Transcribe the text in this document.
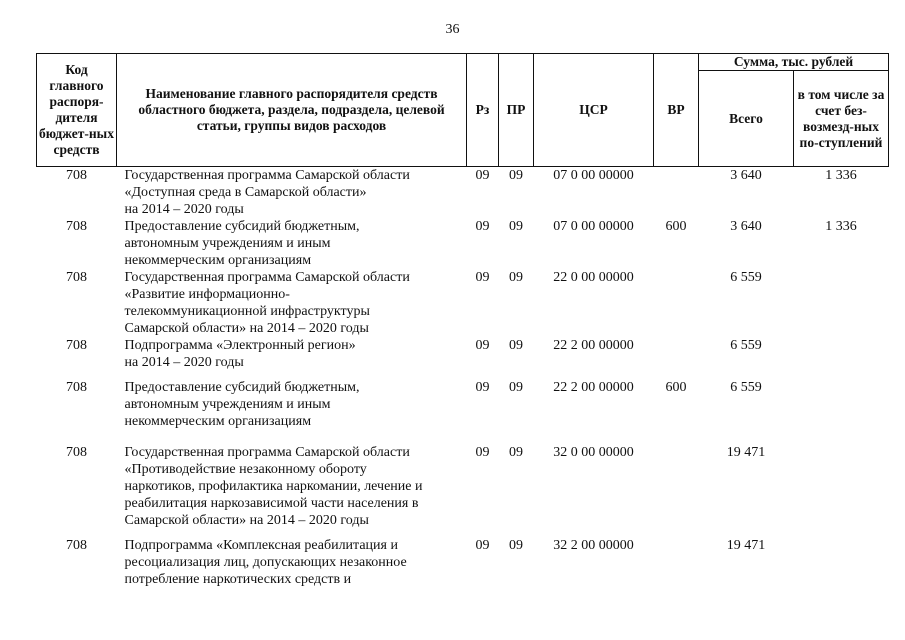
36
Код главного распоря-дителя бюджет-ных средств	Наименование главного распорядителя средств областного бюджета, раздела, подраздела, целевой статьи, группы видов расходов	Рз	ПР	ЦСР	ВР	Сумма, тыс. рублей	
						Всего	в том числе за счет без-возмезд-ных по-ступлений
708	Государственная программа Самарской области
«Доступная среда в Самарской области»
на 2014 – 2020 годы	09	09	07 0 00 00000		3 640	1 336
708	Предоставление субсидий бюджетным,
автономным учреждениям и иным
некоммерческим организациям	09	09	07 0 00 00000	600	3 640	1 336
708	Государственная программа Самарской области
«Развитие информационно-
телекоммуникационной инфраструктуры
Самарской области» на 2014 – 2020 годы	09	09	22 0 00 00000		6 559	
708	Подпрограмма «Электронный регион»
на 2014 – 2020 годы	09	09	22 2 00 00000		6 559	

708	Предоставление субсидий бюджетным,
автономным учреждениям и иным
некоммерческим организациям	09	09	22 2 00 00000	600	6 559	

708	Государственная программа Самарской области
«Противодействие незаконному обороту
наркотиков, профилактика наркомании, лечение и
реабилитация наркозависимой части населения в
Самарской области» на 2014 – 2020 годы	09	09	32 0 00 00000		19 471	

708	Подпрограмма «Комплексная реабилитация и
ресоциализация лиц, допускающих незаконное
потребление наркотических средств и	09	09	32 2 00 00000		19 471	
